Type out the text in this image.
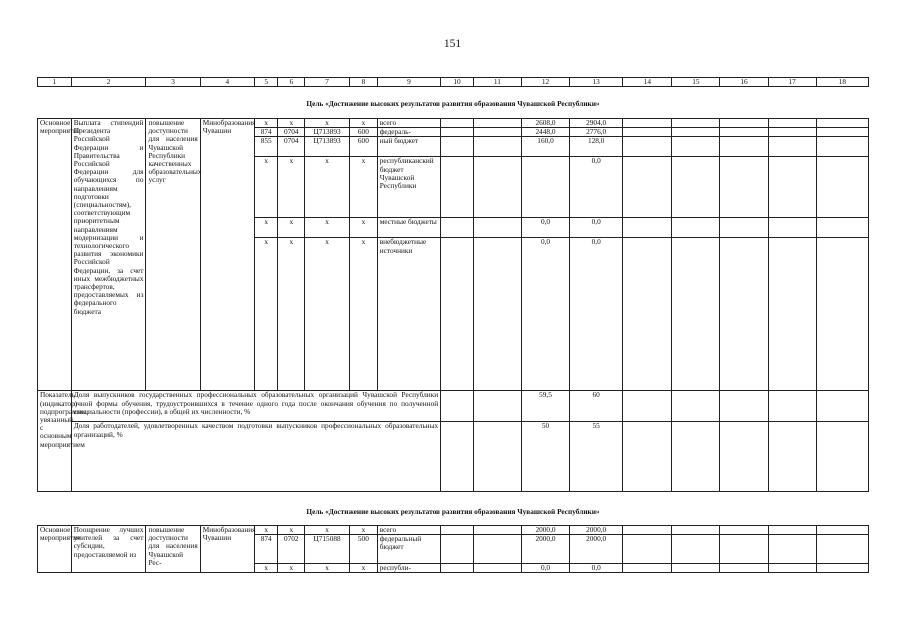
151
1	2	3	4	5	6	7	8	9	10	11	12	13	14	15	16	17	18
Цель «Достижение высоких результатов развития образования Чувашской Республики»
Основное мероприятие	Выплата стипендий Президента Российской Федерации и Правительства Российской Федерации для обучающихся по направлениям подготовки (специальностям), соответствующим приоритетным направлениям модернизации и технологического развития экономики Российской Федерации, за счет иных межбюджетных трансфертов, предоставляемых из федерального бюджета	повышение доступности для населения Чувашской Республики качественных образовательных услуг	Минобразования Чувашии	x	x	x	x	всего			2608,0	2904,0					
				874	0704	Ц713893	600	федераль-			2448,0	2776,0					
				855	0704	Ц713893	600	ный бюджет			160,0	128,0					
				x	x	x	x	республиканский бюджет Чувашской Республики				0,0					
				x	x	x	x	местные бюджеты			0,0	0,0					
				x	x	x	x	внебюджетные источники			0,0	0,0					
Показатель (индикатор) подпрограммы, увязанный с основным мероприятием	Доля выпускников государственных профессиональных образовательных организаций Чувашской Республики очной формы обучения, трудоустроившихся в течение одного года после окончания обучения по полученной специальности (профессии), в общей их численности, %										59,5	60					
	Доля работодателей, удовлетворенных качеством подготовки выпускников профессиональных образовательных организаций, %										50	55					
Цель «Достижение высоких результатов развития образования Чувашской Республики»
Основное мероприятие	Поощрение лучших учителей за счет субсидии, предоставляемой из	повышение доступности для населения Чувашской Рес-	Минобразования Чувашии	x	x	x	x	всего			2000,0	2000,0					
				874	0702	Ц715088	500	федеральный бюджет			2000,0	2000,0					
				x	x	x	x	республи-			0,0	0,0					
